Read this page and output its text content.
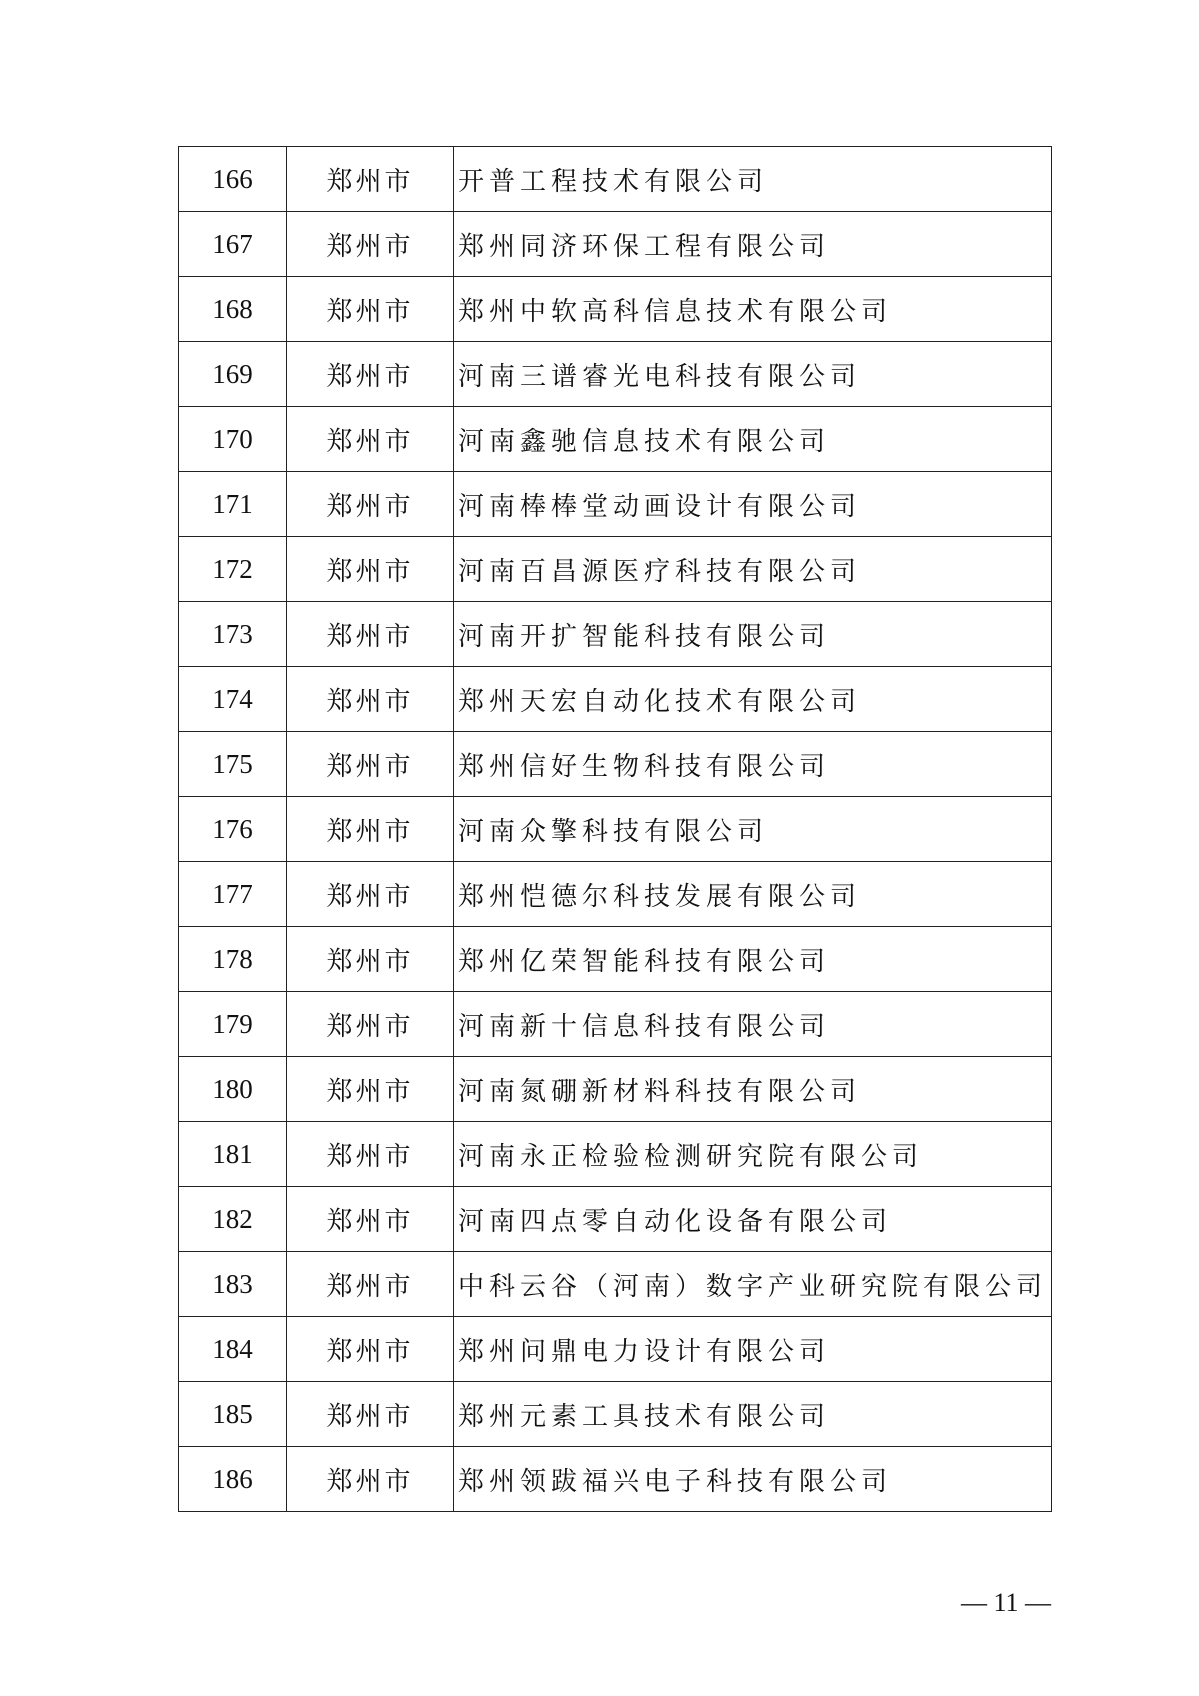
166	郑州市	开普工程技术有限公司
167	郑州市	郑州同济环保工程有限公司
168	郑州市	郑州中软高科信息技术有限公司
169	郑州市	河南三谱睿光电科技有限公司
170	郑州市	河南鑫驰信息技术有限公司
171	郑州市	河南棒棒堂动画设计有限公司
172	郑州市	河南百昌源医疗科技有限公司
173	郑州市	河南开扩智能科技有限公司
174	郑州市	郑州天宏自动化技术有限公司
175	郑州市	郑州信好生物科技有限公司
176	郑州市	河南众擎科技有限公司
177	郑州市	郑州恺德尔科技发展有限公司
178	郑州市	郑州亿荣智能科技有限公司
179	郑州市	河南新十信息科技有限公司
180	郑州市	河南氮硼新材料科技有限公司
181	郑州市	河南永正检验检测研究院有限公司
182	郑州市	河南四点零自动化设备有限公司
183	郑州市	中科云谷（河南）数字产业研究院有限公司
184	郑州市	郑州问鼎电力设计有限公司
185	郑州市	郑州元素工具技术有限公司
186	郑州市	郑州领跋福兴电子科技有限公司
— 11 —
